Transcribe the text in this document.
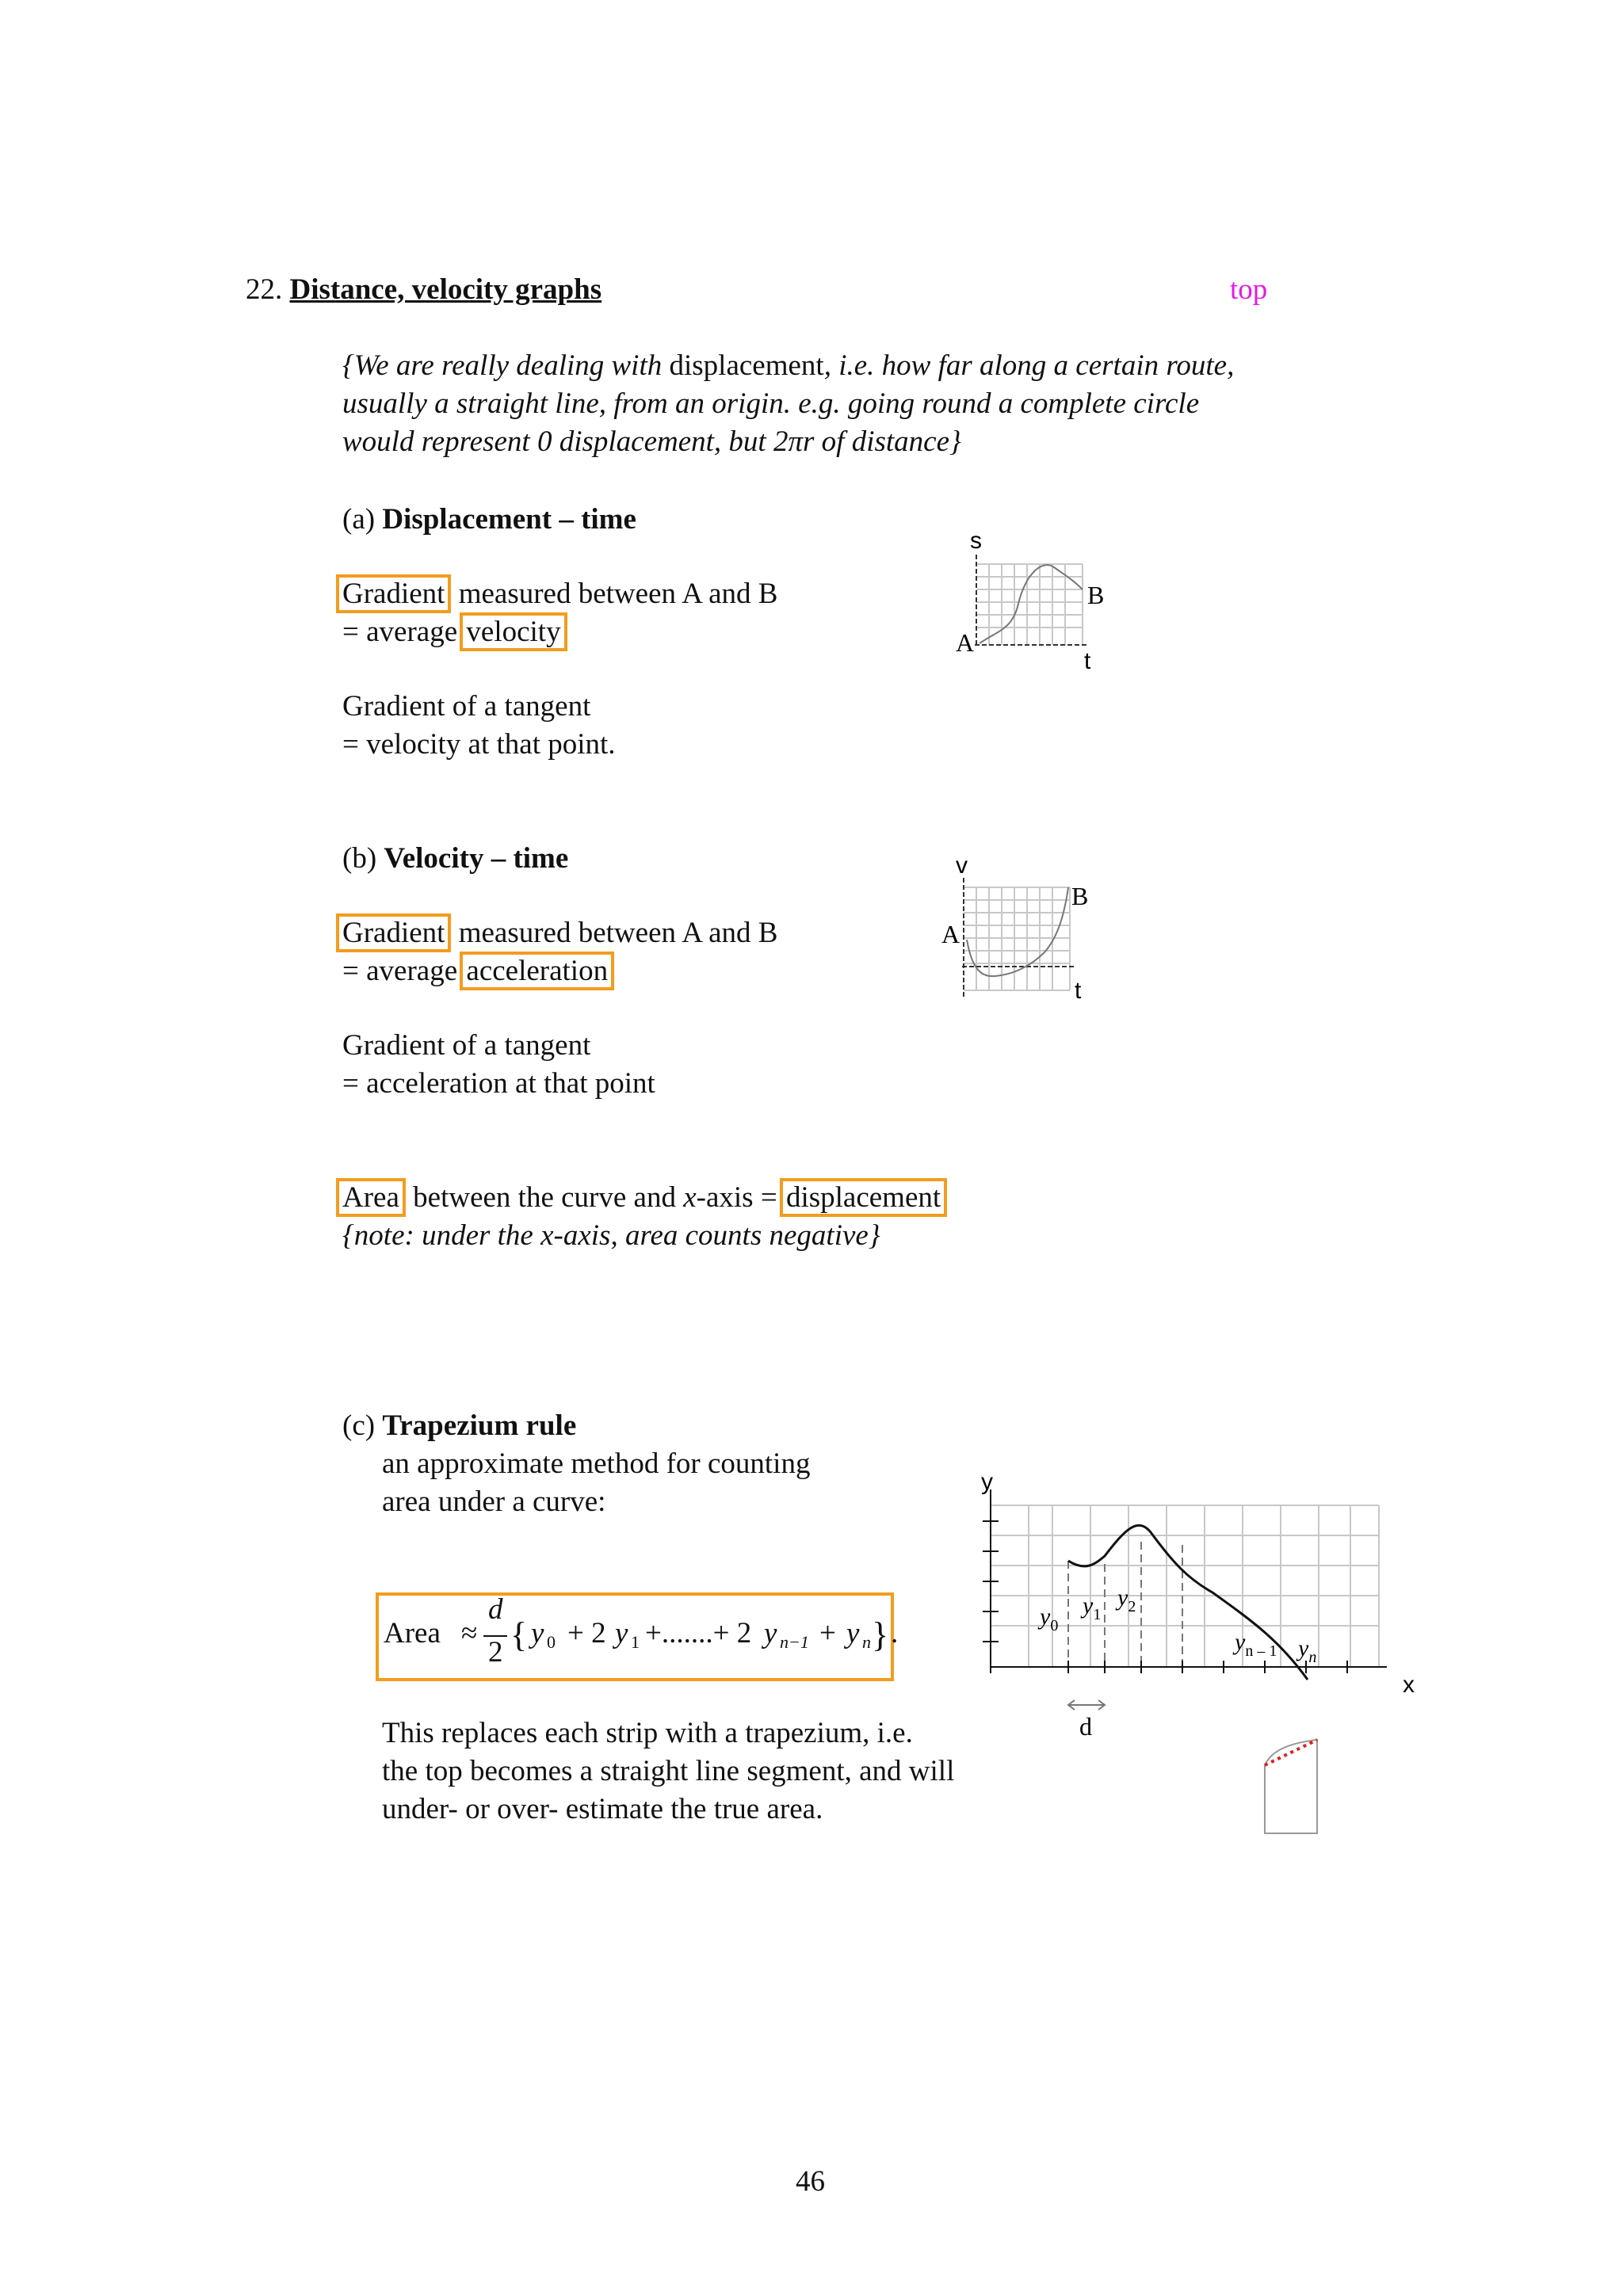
22. Distance, velocity graphs	top
{We are really dealing with displacement, i.e. how far along a certain route,
usually a straight line, from an origin. e.g. going round a complete circle
would represent 0 displacement, but 2πr of distance}
(a) Displacement – time
Gradient measured between A and B
= average velocity
Gradient of a tangent
= velocity at that point.
s
t
A
B
(b) Velocity – time
Gradient measured between A and B
= average acceleration
Gradient of a tangent
= acceleration at that point
v
t
A
B
Area between the curve and x-axis = displacement
{note: under the x-axis, area counts negative}
(c) Trapezium rule
an approximate method for counting
area under a curve:
Area ≈
d
2 { y 0 + 2 y 1 +.......+ 2 y n−1 + y n } .
This replaces each strip with a trapezium, i.e.
the top becomes a straight line segment, and will
under- or over- estimate the true area.
y
x
$y_0$
$y_1$
$y_2$
$y_{n - 1}$ $y_n$
d
46
